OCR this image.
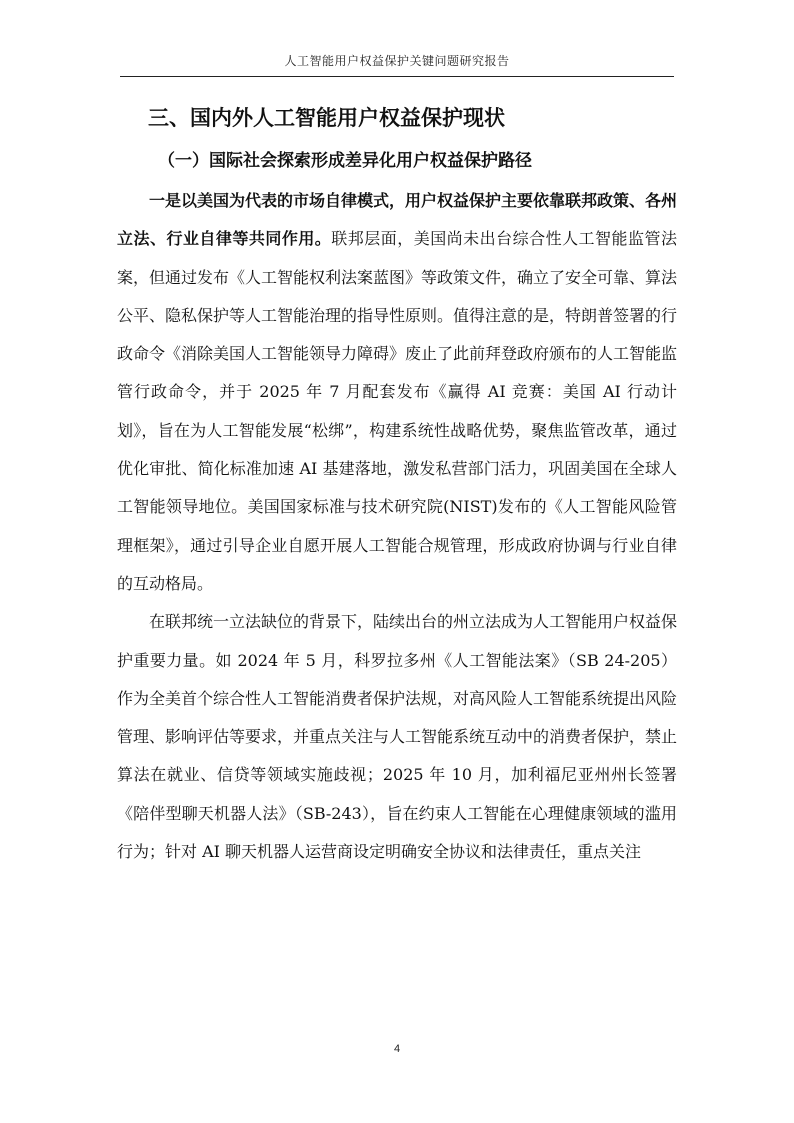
人工智能用户权益保护关键问题研究报告
三、国内外人工智能用户权益保护现状
（一）国际社会探索形成差异化用户权益保护路径

一是以美国为代表的市场自律模式，用户权益保护主要依靠联邦政策、各州立法、行业自律等共同作用。联邦层面，美国尚未出台综合性人工智能监管法案，但通过发布《人工智能权利法案蓝图》等政策文件，确立了安全可靠、算法公平、隐私保护等人工智能治理的指导性原则。值得注意的是，特朗普签署的行政命令《消除美国人工智能领导力障碍》废止了此前拜登政府颁布的人工智能监管行政命令，并于 2025 年 7 月配套发布《赢得 AI 竞赛：美国 AI 行动计划》，旨在为人工智能发展“松绑”，构建系统性战略优势，聚焦监管改革，通过优化审批、简化标准加速 AI 基建落地，激发私营部门活力，巩固美国在全球人工智能领导地位。美国国家标准与技术研究院(NIST)发布的《人工智能风险管理框架》，通过引导企业自愿开展人工智能合规管理，形成政府协调与行业自律的互动格局。

在联邦统一立法缺位的背景下，陆续出台的州立法成为人工智能用户权益保护重要力量。如 2024 年 5 月，科罗拉多州《人工智能法案》（SB 24-205）作为全美首个综合性人工智能消费者保护法规，对高风险人工智能系统提出风险管理、影响评估等要求，并重点关注与人工智能系统互动中的消费者保护，禁止算法在就业、信贷等领域实施歧视；2025 年 10 月，加利福尼亚州州长签署《陪伴型聊天机器人法》（SB-243），旨在约束人工智能在心理健康领域的滥用行为；针对 AI 聊天机器人运营商设定明确安全协议和法律责任，重点关注

4
